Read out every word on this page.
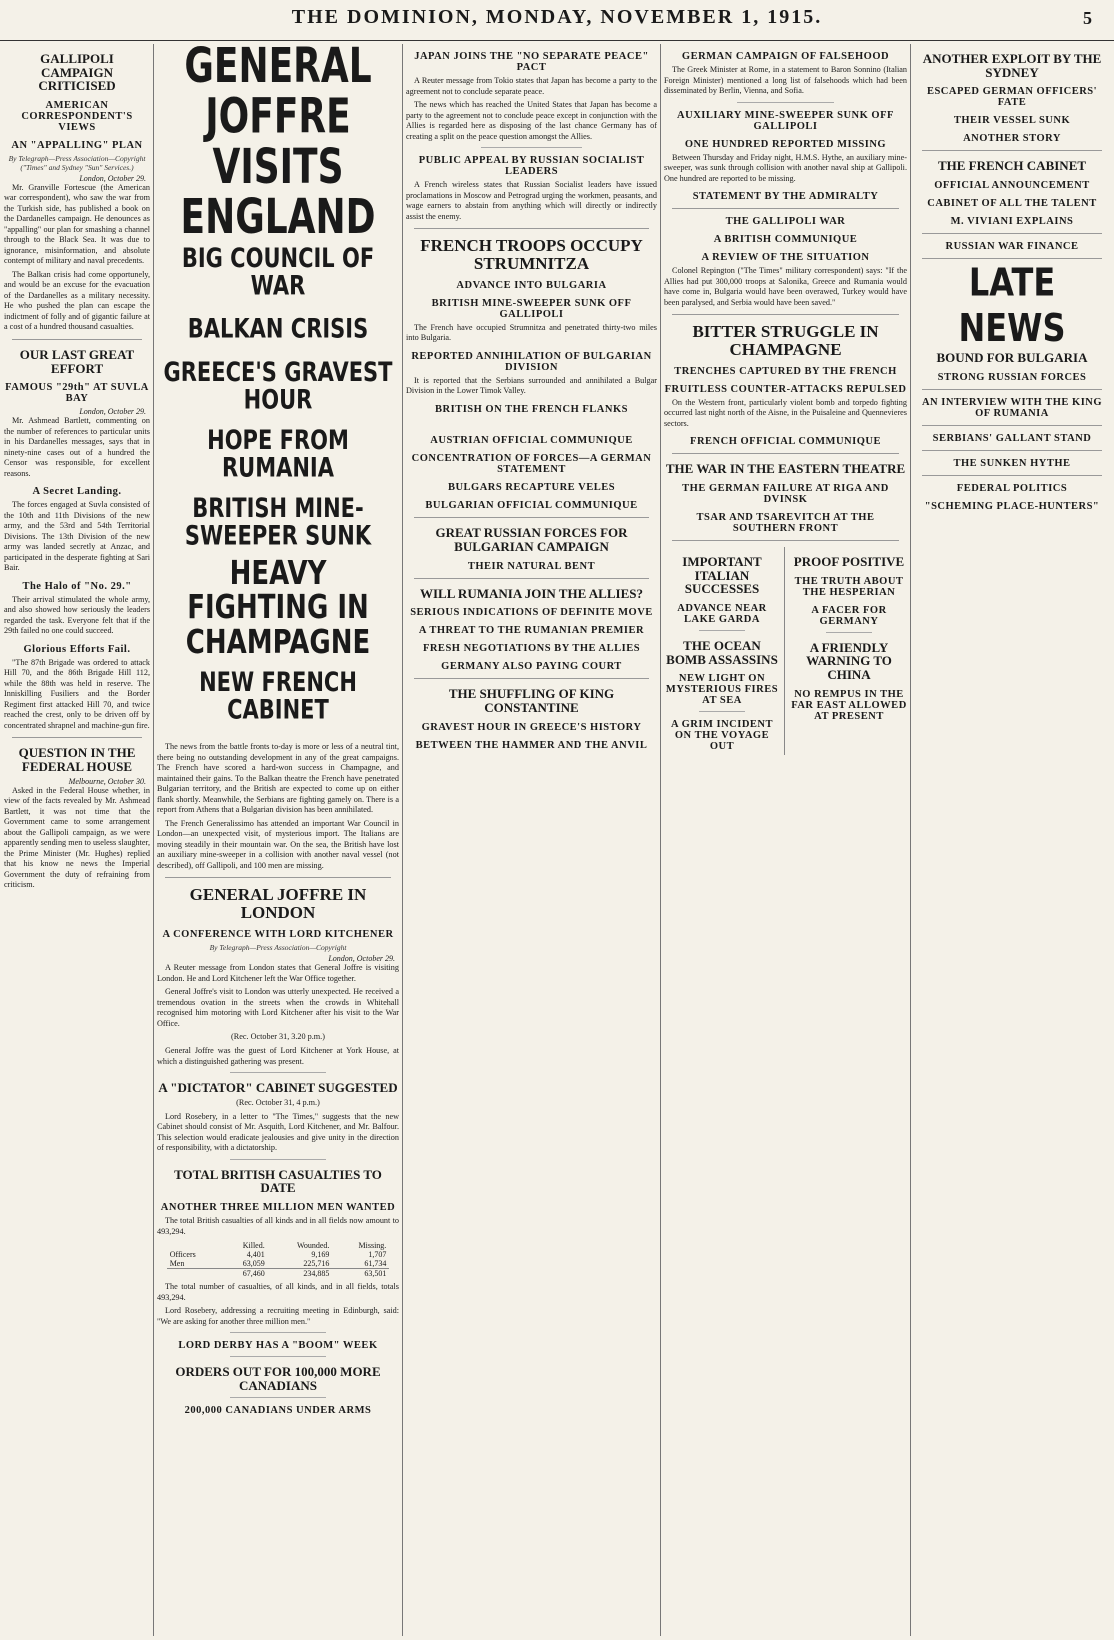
THE DOMINION, MONDAY, NOVEMBER 1, 1915.	5
GALLIPOLI CAMPAIGN CRITICISED
AMERICAN CORRESPONDENT'S VIEWS
AN "APPALLING" PLAN
By Telegraph—Press Association—Copyright ("Times" and Sydney "Sun" Services.)
London, October 29.

Mr. Granville Fortescue (the American war correspondent), who saw the war from the Turkish side, has published a book on the Dardanelles campaign. He denounces as "appalling" our plan for smashing a channel through to the Black Sea. It was due to ignorance, misinformation, and absolute contempt of military and naval precedents.

The Balkan crisis had come opportunely, and would be an excuse for the evacuation of the Dardanelles as a military necessity. He who pushed the plan can escape the indictment of folly and of gigantic failure at a cost of a hundred thousand casualties.

OUR LAST GREAT EFFORT
FAMOUS "29th" AT SUVLA BAY
London, October 29.

Mr. Ashmead Bartlett, commenting on the number of references to particular units in his Dardanelles messages, says that in ninety-nine cases out of a hundred the Censor was responsible, for excellent reasons.

A Secret Landing.

The forces engaged at Suvla consisted of the 10th and 11th Divisions of the new army, and the 53rd and 54th Territorial Divisions. The 13th Division of the new army was landed secretly at Anzac, and participated in the desperate fighting at Sari Bair.

The Halo of "No. 29."

Their arrival stimulated the whole army, and also showed how seriously the leaders regarded the task. Everyone felt that if the 29th failed no one could succeed.

Glorious Efforts Fail.

"The 87th Brigade was ordered to attack Hill 70, and the 86th Brigade Hill 112, while the 88th was held in reserve. The Inniskilling Fusiliers and the Border Regiment first attacked Hill 70, and twice reached the crest, only to be driven off by concentrated shrapnel and machine-gun fire.

QUESTION IN THE FEDERAL HOUSE
Melbourne, October 30.

Asked in the Federal House whether, in view of the facts revealed by Mr. Ashmead Bartlett, it was not time that the Government came to some arrangement about the Gallipoli campaign, as we were apparently sending men to useless slaughter, the Prime Minister (Mr. Hughes) replied that his know ne news the Imperial Government the duty of refraining from criticism.

GENERAL JOFFRE VISITS ENGLAND
BIG COUNCIL OF WAR
BALKAN CRISIS
GREECE'S GRAVEST HOUR
HOPE FROM RUMANIA
BRITISH MINE-SWEEPER SUNK
HEAVY FIGHTING IN CHAMPAGNE
NEW FRENCH CABINET

The news from the battle fronts to-day is more or less of a neutral tint, there being no outstanding development in any of the great campaigns. The French have scored a hard-won success in Champagne, and maintained their gains. To the Balkan theatre the French have penetrated Bulgarian territory, and the British are expected to come up on either flank shortly. Meanwhile, the Serbians are fighting gamely on. There is a report from Athens that a Bulgarian division has been annihilated.

The French Generalissimo has attended an important War Council in London—an unexpected visit, of mysterious import. The Italians are moving steadily in their mountain war. On the sea, the British have lost an auxiliary mine-sweeper in a collision with another naval vessel (not described), off Gallipoli, and 100 men are missing.

GENERAL JOFFRE IN LONDON
A CONFERENCE WITH LORD KITCHENER
By Telegraph—Press Association—Copyright
London, October 29.

A Reuter message from London states that General Joffre is visiting London. He and Lord Kitchener left the War Office together.

General Joffre's visit to London was utterly unexpected. He received a tremendous ovation in the streets when the crowds in Whitehall recognised him motoring with Lord Kitchener after his visit to the War Office.

(Rec. October 31, 3.20 p.m.)

General Joffre was the guest of Lord Kitchener at York House, at which a distinguished gathering was present.

A "DICTATOR" CABINET SUGGESTED
(Rec. October 31, 4 p.m.)

Lord Rosebery, in a letter to "The Times," suggests that the new Cabinet should consist of Mr. Asquith, Lord Kitchener, and Mr. Balfour. This selection would eradicate jealousies and give unity in the direction of responsibility, with a dictatorship.

TOTAL BRITISH CASUALTIES TO DATE
ANOTHER THREE MILLION MEN WANTED

The total British casualties of all kinds and in all fields now amount to 493,294.

	Killed.	Wounded.	Missing.
Officers	4,401	9,169	1,707
Men	63,059	225,716	61,734
	67,460	234,885	63,501

The total number of casualties, of all kinds, and in all fields, totals 493,294.

Lord Rosebery, addressing a recruiting meeting in Edinburgh, said: "We are asking for another three million men."

LORD DERBY HAS A "BOOM" WEEK
ORDERS OUT FOR 100,000 MORE CANADIANS
200,000 CANADIANS UNDER ARMS
JAPAN JOINS THE "NO SEPARATE PEACE" PACT

A Reuter message from Tokio states that Japan has become a party to the agreement not to conclude separate peace.

The news which has reached the United States that Japan has become a party to the agreement not to conclude peace except in conjunction with the Allies is regarded here as disposing of the last chance Germany has of creating a split on the peace question amongst the Allies.

PUBLIC APPEAL BY RUSSIAN SOCIALIST LEADERS

A French wireless states that Russian Socialist leaders have issued proclamations in Moscow and Petrograd urging the workmen, peasants, and wage earners to abstain from anything which will directly or indirectly assist the enemy.

FRENCH TROOPS OCCUPY STRUMNITZA
ADVANCE INTO BULGARIA
BRITISH MINE-SWEEPER SUNK OFF GALLIPOLI

The French have occupied Strumnitza and penetrated thirty-two miles into Bulgaria.

REPORTED ANNIHILATION OF BULGARIAN DIVISION

It is reported that the Serbians surrounded and annihilated a Bulgar Division in the Lower Timok Valley.

BRITISH ON THE FRENCH FLANKS
AUSTRIAN OFFICIAL COMMUNIQUE
CONCENTRATION OF FORCES—A GERMAN STATEMENT
BULGARS RECAPTURE VELES
BULGARIAN OFFICIAL COMMUNIQUE
GREAT RUSSIAN FORCES FOR BULGARIAN CAMPAIGN
THEIR NATURAL BENT
WILL RUMANIA JOIN THE ALLIES?
SERIOUS INDICATIONS OF DEFINITE MOVE
A THREAT TO THE RUMANIAN PREMIER
FRESH NEGOTIATIONS BY THE ALLIES
GERMANY ALSO PAYING COURT
THE SHUFFLING OF KING CONSTANTINE
GRAVEST HOUR IN GREECE'S HISTORY
BETWEEN THE HAMMER AND THE ANVIL
GERMAN CAMPAIGN OF FALSEHOOD

The Greek Minister at Rome, in a statement to Baron Sonnino (Italian Foreign Minister) mentioned a long list of falsehoods which had been disseminated by Berlin, Vienna, and Sofia.

AUXILIARY MINE-SWEEPER SUNK OFF GALLIPOLI
ONE HUNDRED REPORTED MISSING

Between Thursday and Friday night, H.M.S. Hythe, an auxiliary mine-sweeper, was sunk through collision with another naval ship at Gallipoli. One hundred are reported to be missing.

STATEMENT BY THE ADMIRALTY
THE GALLIPOLI WAR
A BRITISH COMMUNIQUE
A REVIEW OF THE SITUATION

Colonel Repington ("The Times" military correspondent) says: "If the Allies had put 300,000 troops at Salonika, Greece and Rumania would have come in, Bulgaria would have been overawed, Turkey would have been paralysed, and Serbia would have been saved."

BITTER STRUGGLE IN CHAMPAGNE
TRENCHES CAPTURED BY THE FRENCH
FRUITLESS COUNTER-ATTACKS REPULSED

On the Western front, particularly violent bomb and torpedo fighting occurred last night north of the Aisne, in the Puisaleine and Quennevieres sectors.

FRENCH OFFICIAL COMMUNIQUE
THE WAR IN THE EASTERN THEATRE
THE GERMAN FAILURE AT RIGA AND DVINSK
TSAR AND TSAREVITCH AT THE SOUTHERN FRONT
IMPORTANT ITALIAN SUCCESSES
ADVANCE NEAR LAKE GARDA
THE OCEAN BOMB ASSASSINS
NEW LIGHT ON MYSTERIOUS FIRES AT SEA
A GRIM INCIDENT ON THE VOYAGE OUT
PROOF POSITIVE
THE TRUTH ABOUT THE HESPERIAN
A FACER FOR GERMANY
A FRIENDLY WARNING TO CHINA
NO REMPUS IN THE FAR EAST ALLOWED AT PRESENT
ANOTHER EXPLOIT BY THE SYDNEY
ESCAPED GERMAN OFFICERS' FATE
THEIR VESSEL SUNK
ANOTHER STORY
THE FRENCH CABINET
OFFICIAL ANNOUNCEMENT
CABINET OF ALL THE TALENT
M. VIVIANI EXPLAINS
RUSSIAN WAR FINANCE
LATE NEWS
BOUND FOR BULGARIA
STRONG RUSSIAN FORCES
AN INTERVIEW WITH THE KING OF RUMANIA
SERBIANS' GALLANT STAND
THE SUNKEN HYTHE
FEDERAL POLITICS
"SCHEMING PLACE-HUNTERS"
